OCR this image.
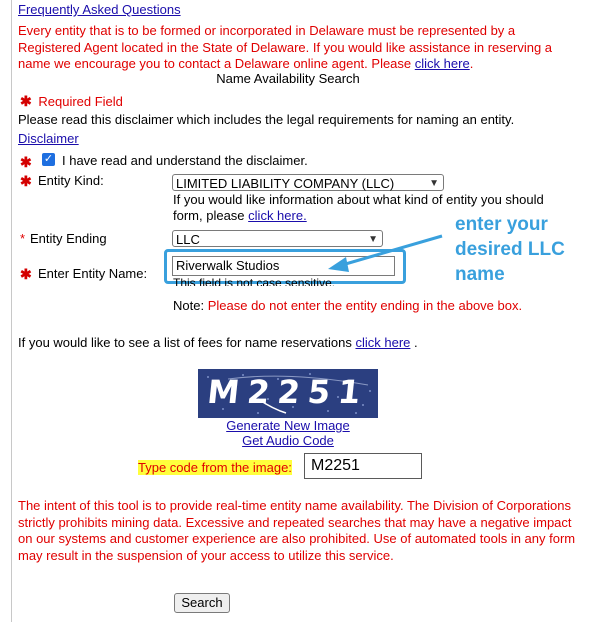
Frequently Asked Questions
Every entity that is to be formed or incorporated in Delaware must be represented by a Registered Agent located in the State of Delaware. If you would like assistance in reserving a name we encourage you to contact a Delaware online agent. Please click here.
Name Availability Search
✱ Required Field
Please read this disclaimer which includes the legal requirements for naming an entity.
Disclaimer
✱ ✓ I have read and understand the disclaimer.
✱ Entity Kind:	LIMITED LIABILITY COMPANY (LLC)	▼
If you would like information about what kind of entity you should form, please click here.
* Entity Ending	LLC	▼
✱ Enter Entity Name:
Riverwalk Studios
This field is not case sensitive.
Note: Please do not enter the entity ending in the above box.
enter your
desired LLC
name
If you would like to see a list of fees for name reservations click here .
M2251
Generate New Image
Get Audio Code
Type code from the image:	M2251
The intent of this tool is to provide real-time entity name availability. The Division of Corporations strictly prohibits mining data. Excessive and repeated searches that may have a negative impact on our systems and customer experience are also prohibited. Use of automated tools in any form may result in the suspension of your access to utilize this service.
Search
